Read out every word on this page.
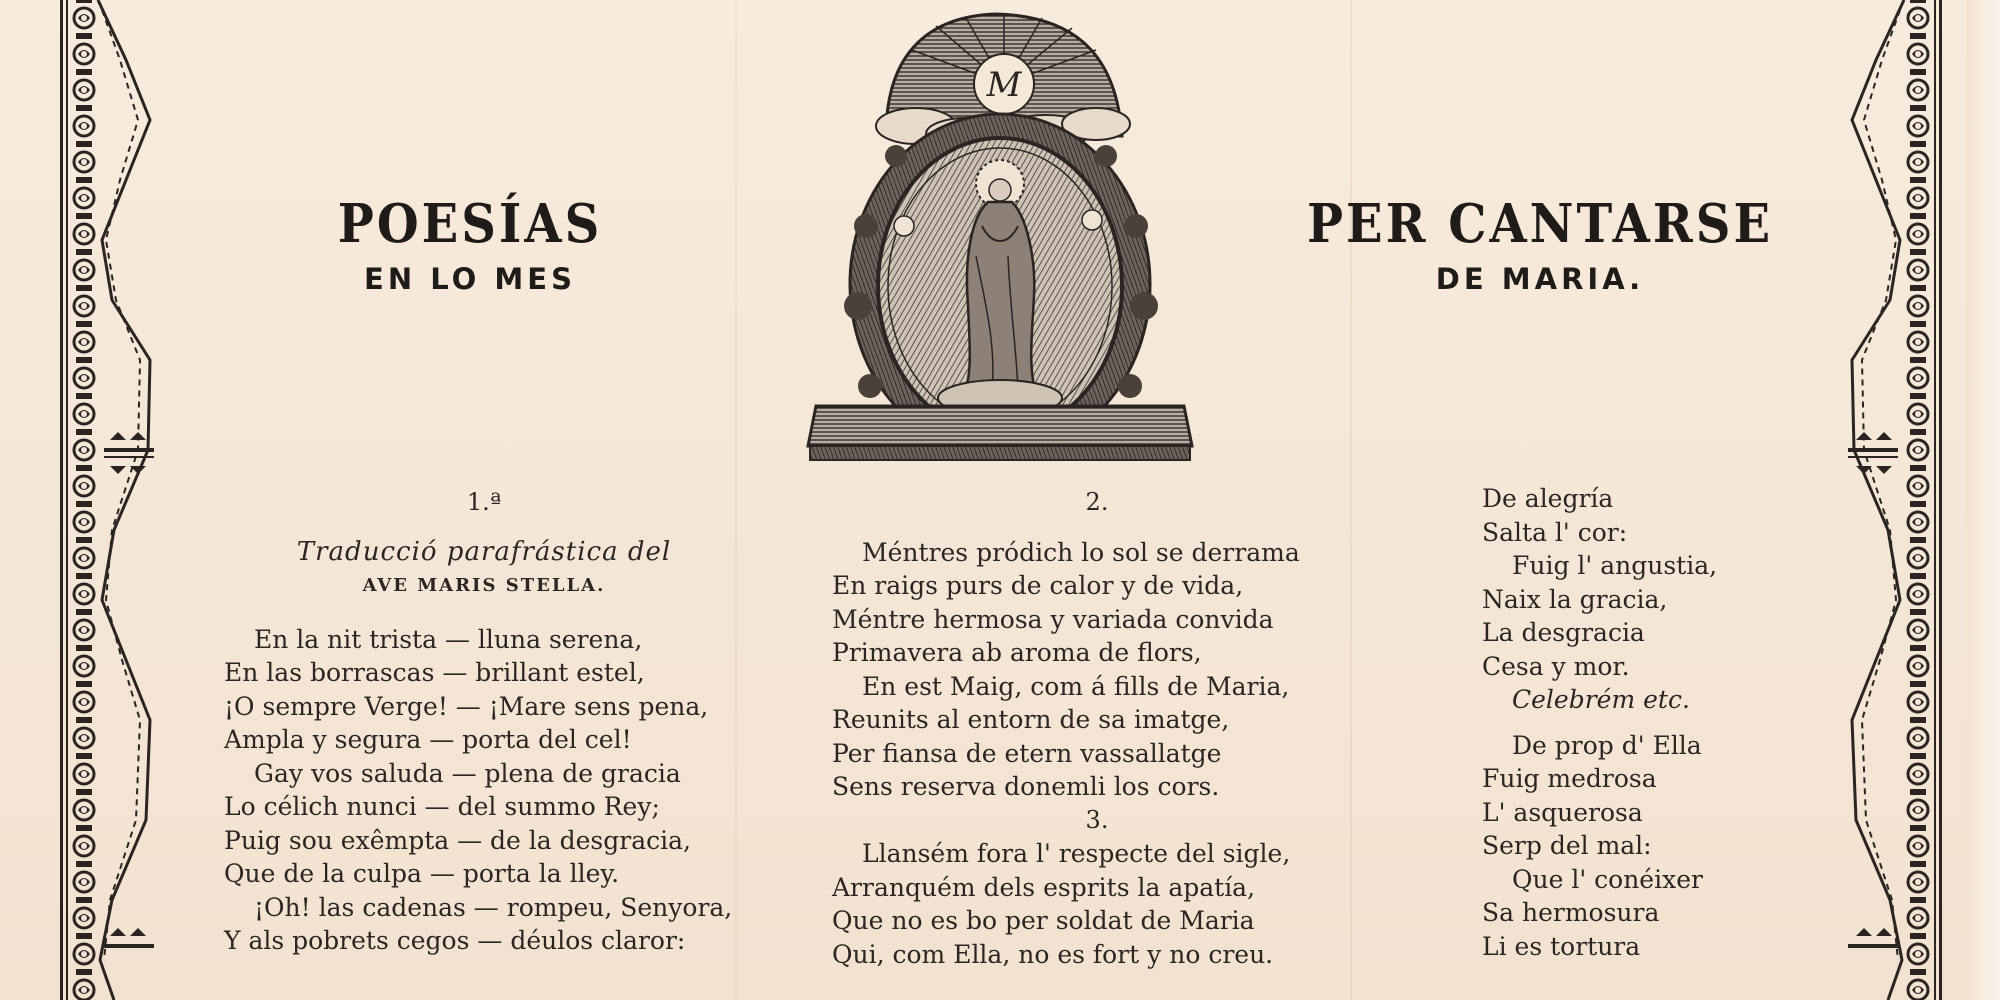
POESÍAS
EN LO MES
PER CANTARSE
DE MARIA.
M
1.ª
Traducció parafrástica del
AVE MARIS STELLA.
En la nit trista — lluna serena,
En las borrascas — brillant estel,
¡O sempre Verge! — ¡Mare sens pena,
Ampla y segura — porta del cel!
Gay vos saluda — plena de gracia
Lo célich nunci — del summo Rey;
Puig sou exêmpta — de la desgracia,
Que de la culpa — porta la lley.
¡Oh! las cadenas — rompeu, Senyora,
Y als pobrets cegos — déulos claror:
2.
Méntres pródich lo sol se derrama
En raigs purs de calor y de vida,
Méntre hermosa y variada convida
Primavera ab aroma de flors,
En est Maig, com á fills de Maria,
Reunits al entorn de sa imatge,
Per fiansa de etern vassallatge
Sens reserva donemli los cors.
3.
Llansém fora l' respecte del sigle,
Arranquém dels esprits la apatía,
Que no es bo per soldat de Maria
Qui, com Ella, no es fort y no creu.
De alegría
Salta l' cor:
Fuig l' angustia,
Naix la gracia,
La desgracia
Cesa y mor.
Celebrém etc.
De prop d' Ella
Fuig medrosa
L' asquerosa
Serp del mal:
Que l' conéixer
Sa hermosura
Li es tortura
